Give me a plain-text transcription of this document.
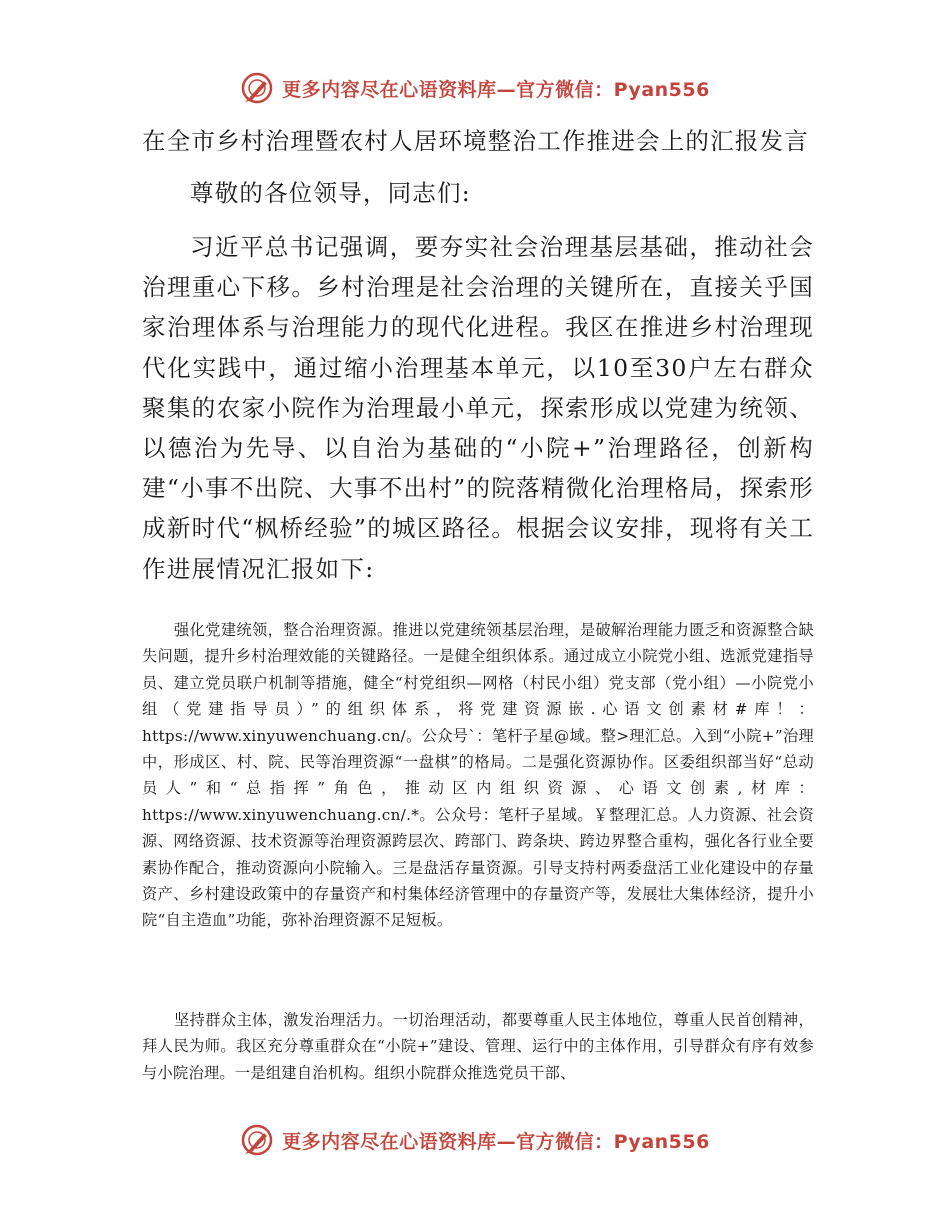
更多内容尽在心语资料库—官方微信：Pyan556
在全市乡村治理暨农村人居环境整治工作推进会上的汇报发言
尊敬的各位领导，同志们:

习近平总书记强调，要夯实社会治理基层基础，推动社会治理重心下移。乡村治理是社会治理的关键所在，直接关乎国家治理体系与治理能力的现代化进程。我区在推进乡村治理现代化实践中，通过缩小治理基本单元，以10至30户左右群众聚集的农家小院作为治理最小单元，探索形成以党建为统领、以德治为先导、以自治为基础的“小院+”治理路径，创新构建“小事不出院、大事不出村”的院落精微化治理格局，探索形成新时代“枫桥经验”的城区路径。根据会议安排，现将有关工作进展情况汇报如下:

强化党建统领，整合治理资源。推进以党建统领基层治理，是破解治理能力匮乏和资源整合缺失问题，提升乡村治理效能的关键路径。一是健全组织体系。通过成立小院党小组、选派党建指导员、建立党员联户机制等措施，健全“村党组织—网格（村民小组）党支部（党小组）—小院党小组（党建指导员）”的组织体系，将党建资源嵌.心语文创素材#库！：https://www.xinyuwenchuang.cn/。公众号`：笔杆子星@域。整>理汇总。入到“小院+”治理中，形成区、村、院、民等治理资源“一盘棋”的格局。二是强化资源协作。区委组织部当好“总动员人”和“总指挥”角色，推动区内组织资源、心语文创素,材库：https://www.xinyuwenchuang.cn/.*。公众号：笔杆子星域。￥整理汇总。人力资源、社会资源、网络资源、技术资源等治理资源跨层次、跨部门、跨条块、跨边界整合重构，强化各行业全要素协作配合，推动资源向小院输入。三是盘活存量资源。引导支持村两委盘活工业化建设中的存量资产、乡村建设政策中的存量资产和村集体经济管理中的存量资产等，发展壮大集体经济，提升小院“自主造血”功能，弥补治理资源不足短板。

坚持群众主体，激发治理活力。一切治理活动，都要尊重人民主体地位，尊重人民首创精神，拜人民为师。我区充分尊重群众在“小院+”建设、管理、运行中的主体作用，引导群众有序有效参与小院治理。一是组建自治机构。组织小院群众推选党员干部、

更多内容尽在心语资料库—官方微信：Pyan556
